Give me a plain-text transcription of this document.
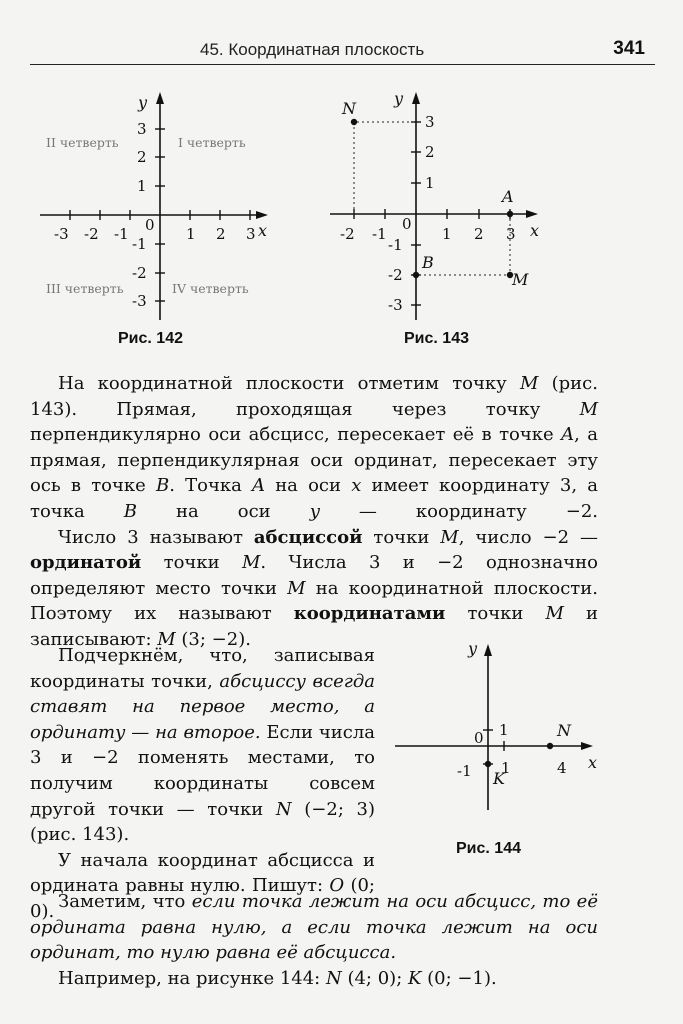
45. Координатная плоскость	341
-3 -2 -1	1 2 3
3
2
1
-1
-2
-3
0
y
x
I четверть
II четверть
III четверть	IV четверть
Рис. 142
-2 -1	1 2 3
3
2
1
-1
-2
-3
0
y
x
N
A
B
M
Рис. 143

На координатной плоскости отметим точку M (рис. 143). Прямая, проходящая через точку M перпендикулярно оси абсцисс, пересекает её в точке A, а прямая, перпендикулярная оси ординат, пересекает эту ось в точке B. Точка A на оси x имеет координату 3, а точка B на оси y — координату −2.

Число 3 называют абсциссой точки M, число −2 — ординатой точки M. Числа 3 и −2 однозначно определяют место точки M на координатной плоскости. Поэтому их называют координатами точки M и записывают: M (3; −2).

Подчеркнём, что, записывая координаты точки, абсциссу всегда ставят на первое место, а ординату — на второе. Если числа 3 и −2 поменять местами, то получим координаты совсем другой точки — точки N (−2; 3) (рис. 143).

У начала координат абсцисса и ордината равны нулю. Пишут: O (0; 0).

y
x
0 1
1
-1	4
N
K
Рис. 144

Заметим, что если точка лежит на оси абсцисс, то её ордината равна нулю, а если точка лежит на оси ординат, то нулю равна её абсцисса.

Например, на рисунке 144: N (4; 0); K (0; −1).
